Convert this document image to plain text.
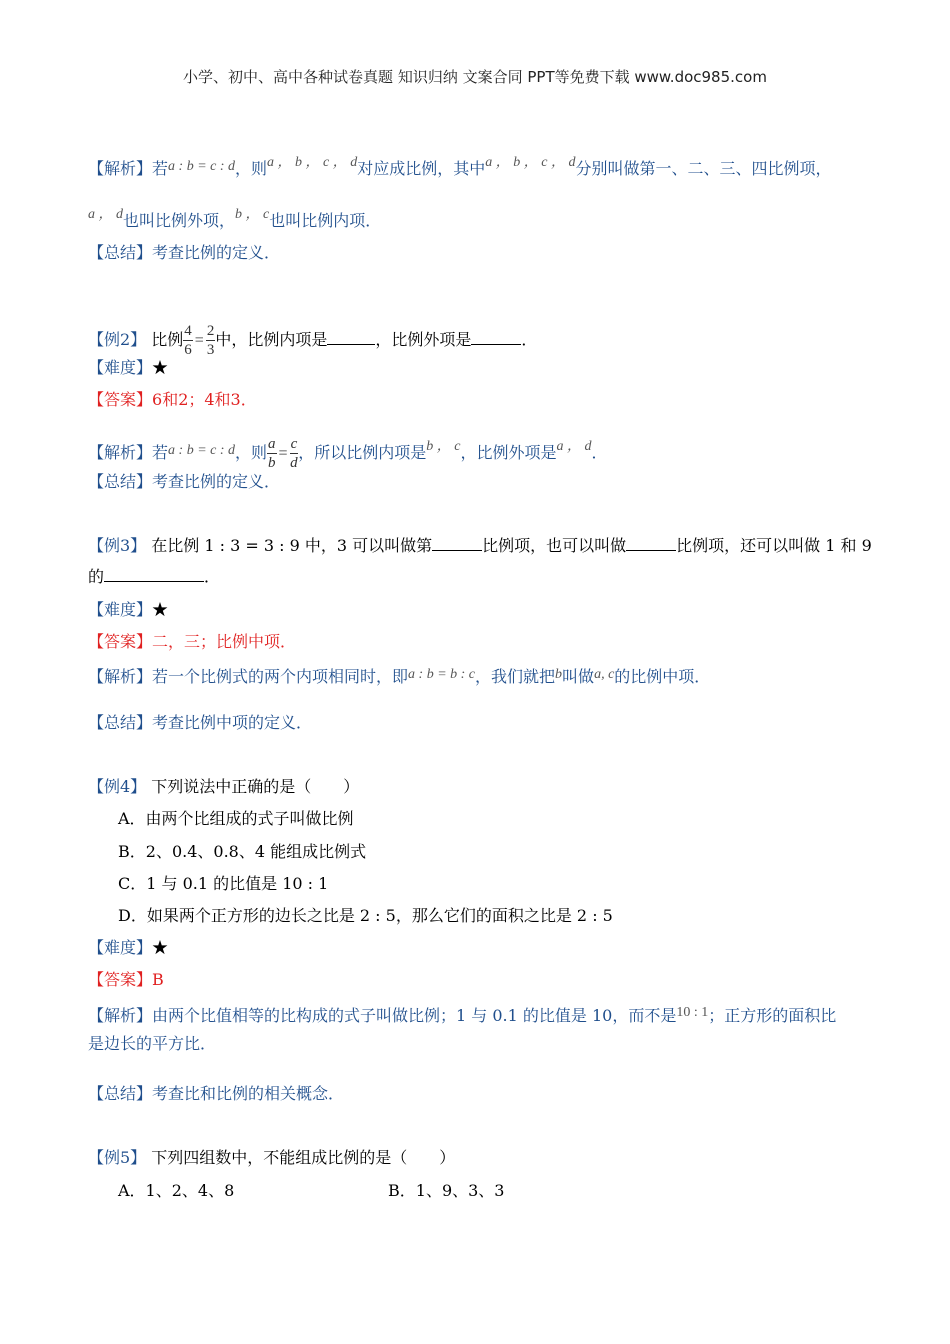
小学、初中、高中各种试卷真题 知识归纳 文案合同 PPT等免费下载 www.doc985.com
【解析】若a : b = c : d，则a ， b ， c ， d对应成比例，其中a ， b ， c ， d分别叫做第一、二、三、四比例项，
a ， d也叫比例外项，b ， c也叫比例内项．
【总结】考查比例的定义．
【例2】 比例 $\frac{4}{6} = \frac{2}{3}$ 中，比例内项是	，比例外项是	．
【难度】★
【答案】6和2；4和3．
【解析】若a : b = c : d，则 $\frac{a}{b} = \frac{c}{d}$ ，所以比例内项是b ， c，比例外项是a ， d．
【总结】考查比例的定义．
【例3】 在比例 1 : 3 = 3 : 9 中，3 可以叫做第	比例项，也可以叫做	比例项，还可以叫做 1 和 9
的	．
【难度】★
【答案】二，三；比例中项．
【解析】若一个比例式的两个内项相同时，即a : b = b : c，我们就把b叫做a, c的比例中项．
【总结】考查比例中项的定义．
【例4】 下列说法中正确的是（　　）
A．由两个比组成的式子叫做比例
B．2、0.4、0.8、4 能组成比例式
C．1 与 0.1 的比值是 10 : 1
D．如果两个正方形的边长之比是 2 : 5，那么它们的面积之比是 2 : 5
【难度】★
【答案】B
【解析】由两个比值相等的比构成的式子叫做比例；1 与 0.1 的比值是 10，而不是10 : 1；正方形的面积比
是边长的平方比．
【总结】考查比和比例的相关概念．
【例5】 下列四组数中，不能组成比例的是（　　）
A．1、2、4、8	B．1、9、3、3
